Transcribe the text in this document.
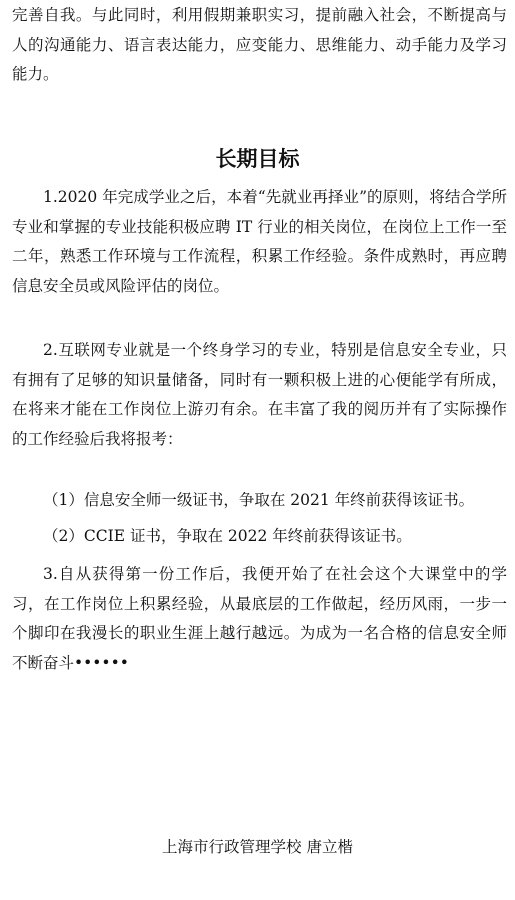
完善自我。与此同时，利用假期兼职实习，提前融入社会，不断提高与人的沟通能力、语言表达能力，应变能力、思维能力、动手能力及学习能力。

长期目标

1.2020 年完成学业之后，本着“先就业再择业”的原则，将结合学所专业和掌握的专业技能积极应聘 IT 行业的相关岗位，在岗位上工作一至二年，熟悉工作环境与工作流程，积累工作经验。条件成熟时，再应聘信息安全员或风险评估的岗位。

2.互联网专业就是一个终身学习的专业，特别是信息安全专业，只有拥有了足够的知识量储备，同时有一颗积极上进的心便能学有所成，在将来才能在工作岗位上游刃有余。在丰富了我的阅历并有了实际操作的工作经验后我将报考：

（1）信息安全师一级证书，争取在 2021 年终前获得该证书。

（2）CCIE 证书，争取在 2022 年终前获得该证书。

3.自从获得第一份工作后，我便开始了在社会这个大课堂中的学习，在工作岗位上积累经验，从最底层的工作做起，经历风雨，一步一个脚印在我漫长的职业生涯上越行越远。为成为一名合格的信息安全师不断奋斗••••••

上海市行政管理学校 唐立楷
